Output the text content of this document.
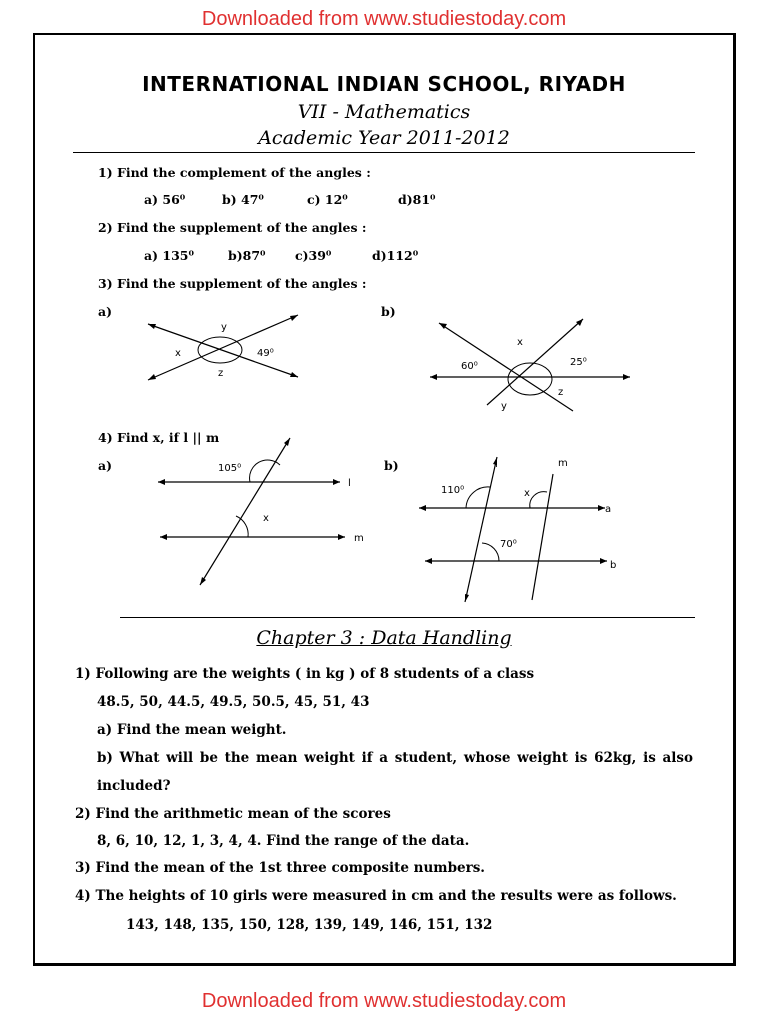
Downloaded from www.studiestoday.com
INTERNATIONAL INDIAN SCHOOL, RIYADH
VII - Mathematics
Academic Year 2011-2012
1) Find the complement of the angles :
a) 56⁰	b) 47⁰	c) 12⁰	d)81⁰
2) Find the supplement of the angles :
a) 135⁰	b)87⁰ c)39⁰	d)112⁰
3) Find the supplement of the angles :
a)	b)
y
x
z
49⁰
x
60⁰	25⁰
y
z
4) Find x, if l || m
a)	b)
105⁰
l
x
m
l	m
110⁰	x
a
70⁰
b
Chapter 3 : Data Handling
1) Following are the weights ( in kg ) of 8 students of a class
48.5, 50, 44.5, 49.5, 50.5, 45, 51, 43
a) Find the mean weight.
b) What will be the mean weight if a student, whose weight is 62kg, is also
included?
2) Find the arithmetic mean of the scores
8, 6, 10, 12, 1, 3, 4, 4. Find the range of the data.
3) Find the mean of the 1st three composite numbers.
4) The heights of 10 girls were measured in cm and the results were as follows.
143, 148, 135, 150, 128, 139, 149, 146, 151, 132
Downloaded from www.studiestoday.com
